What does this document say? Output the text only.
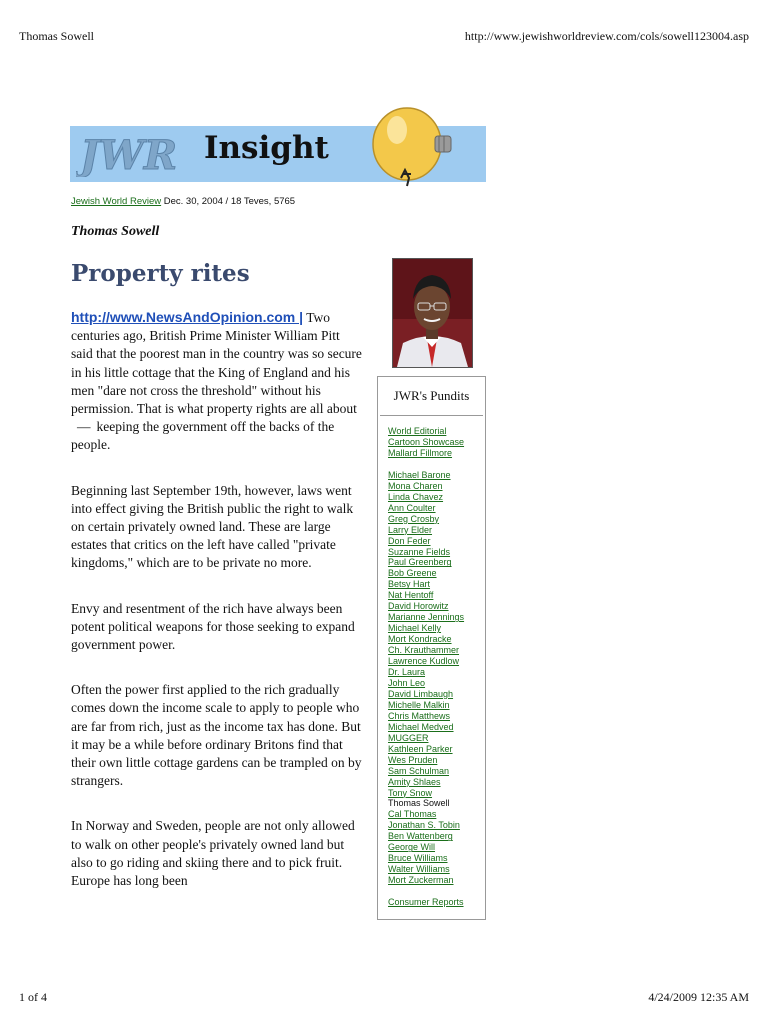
Thomas Sowell	http://www.jewishworldreview.com/cols/sowell123004.asp
JWR Insight
Jewish World Review Dec. 30, 2004 / 18 Teves, 5765
Thomas Sowell
Property rites

http://www.NewsAndOpinion.com | Two centuries ago, British Prime Minister William Pitt said that the poorest man in the country was so secure in his little cottage that the King of England and his men "dare not cross the threshold" without his permission. That is what property rights are all about— keeping the government off the backs of the people.

Beginning last September 19th, however, laws went into effect giving the British public the right to walk on certain privately owned land. These are large estates that critics on the left have called "private kingdoms," which are to be private no more.

Envy and resentment of the rich have always been potent political weapons for those seeking to expand government power.

Often the power first applied to the rich gradually comes down the income scale to apply to people who are far from rich, just as the income tax has done. But it may be a while before ordinary Britons find that their own little cottage gardens can be trampled on by strangers.

In Norway and Sweden, people are not only allowed to walk on other people's privately owned land but also to go riding and skiing there and to pick fruit. Europe has long been

JWR's Pundits
World Editorial
Cartoon Showcase
Mallard Fillmore
Michael Barone
Mona Charen
Linda Chavez
Ann Coulter
Greg Crosby
Larry Elder
Don Feder
Suzanne Fields
Paul Greenberg
Bob Greene
Betsy Hart
Nat Hentoff
David Horowitz
Marianne Jennings
Michael Kelly
Mort Kondracke
Ch. Krauthammer
Lawrence Kudlow
Dr. Laura
John Leo
David Limbaugh
Michelle Malkin
Chris Matthews
Michael Medved
MUGGER
Kathleen Parker
Wes Pruden
Sam Schulman
Amity Shlaes
Tony Snow
Thomas Sowell
Cal Thomas
Jonathan S. Tobin
Ben Wattenberg
George Will
Bruce Williams
Walter Williams
Mort Zuckerman
Consumer Reports
1 of 4	4/24/2009 12:35 AM
